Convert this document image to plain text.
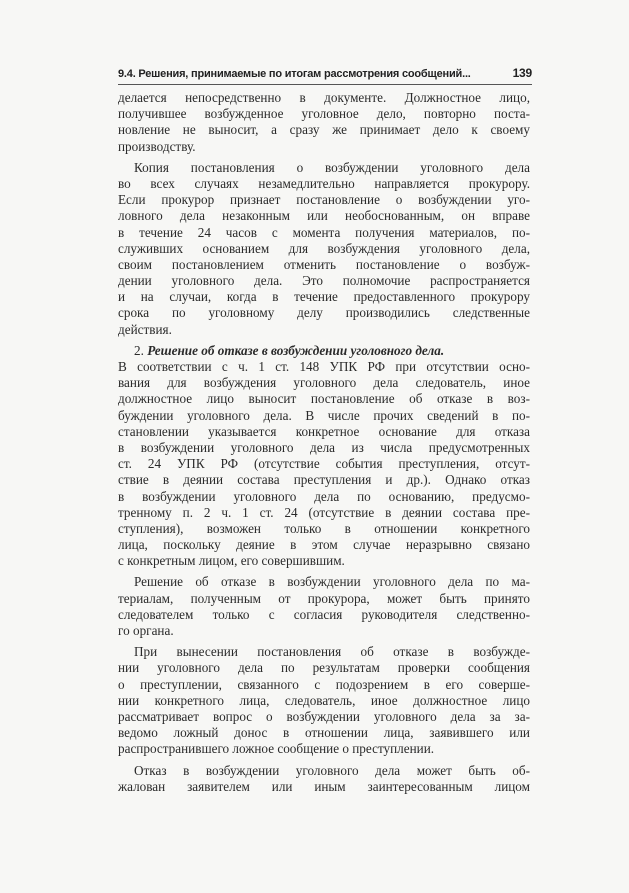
9.4. Решения, принимаемые по итогам рассмотрения сообщений...	139
делается непосредственно в документе. Должностное лицо,
получившее возбужденное уголовное дело, повторно поста-
новление не выносит, а сразу же принимает дело к своему
производству.
Копия постановления о возбуждении уголовного дела
во всех случаях незамедлительно направляется прокурору.
Если прокурор признает постановление о возбуждении уго-
ловного дела незаконным или необоснованным, он вправе
в течение 24 часов с момента получения материалов, по-
служивших основанием для возбуждения уголовного дела,
своим постановлением отменить постановление о возбуж-
дении уголовного дела. Это полномочие распространяется
и на случаи, когда в течение предоставленного прокурору
срока по уголовному делу производились следственные
действия.
2. Решение об отказе в возбуждении уголовного дела.
В соответствии с ч. 1 ст. 148 УПК РФ при отсутствии осно-
вания для возбуждения уголовного дела следователь, иное
должностное лицо выносит постановление об отказе в воз-
буждении уголовного дела. В числе прочих сведений в по-
становлении указывается конкретное основание для отказа
в возбуждении уголовного дела из числа предусмотренных
ст. 24 УПК РФ (отсутствие события преступления, отсут-
ствие в деянии состава преступления и др.). Однако отказ
в возбуждении уголовного дела по основанию, предусмо-
тренному п. 2 ч. 1 ст. 24 (отсутствие в деянии состава пре-
ступления), возможен только в отношении конкретного
лица, поскольку деяние в этом случае неразрывно связано
с конкретным лицом, его совершившим.
Решение об отказе в возбуждении уголовного дела по ма-
териалам, полученным от прокурора, может быть принято
следователем только с согласия руководителя следственно-
го органа.
При вынесении постановления об отказе в возбужде-
нии уголовного дела по результатам проверки сообщения
о преступлении, связанного с подозрением в его совершe-
нии конкретного лица, следователь, иное должностное лицо
рассматривает вопрос о возбуждении уголовного дела за за-
ведомо ложный донос в отношении лица, заявившего или
распространившего ложное сообщение о преступлении.
Отказ в возбуждении уголовного дела может быть об-
жалован заявителем или иным заинтересованным лицом
